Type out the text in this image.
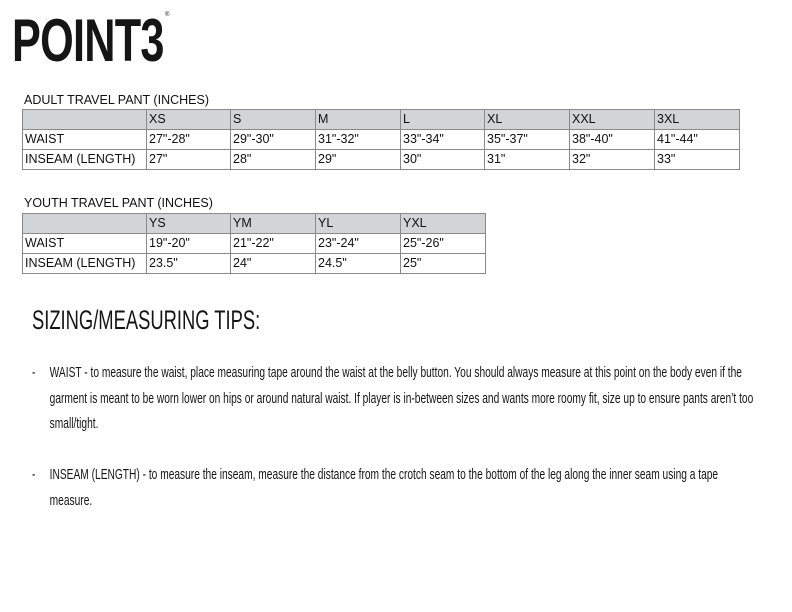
POINT3 ®
ADULT TRAVEL PANT (INCHES)
	XS	S	M	L	XL	XXL	3XL
WAIST	27"-28"	29"-30"	31"-32"	33"-34"	35"-37"	38"-40"	41"-44"
INSEAM (LENGTH)	27"	28"	29"	30"	31"	32"	33"
YOUTH TRAVEL PANT (INCHES)
	YS	YM	YL	YXL
WAIST	19"-20"	21"-22"	23"-24"	25"-26"
INSEAM (LENGTH)	23.5"	24"	24.5"	25"
SIZING/MEASURING TIPS:
- WAIST - to measure the waist, place measuring tape around the waist at the belly button. You should always measure at this point on the body even if the garment is meant to be worn lower on hips or around natural waist. If player is in-between sizes and wants more roomy fit, size up to ensure pants aren’t too small/tight.
- INSEAM (LENGTH) - to measure the inseam, measure the distance from the crotch seam to the bottom of the leg along the inner seam using a tape measure.
